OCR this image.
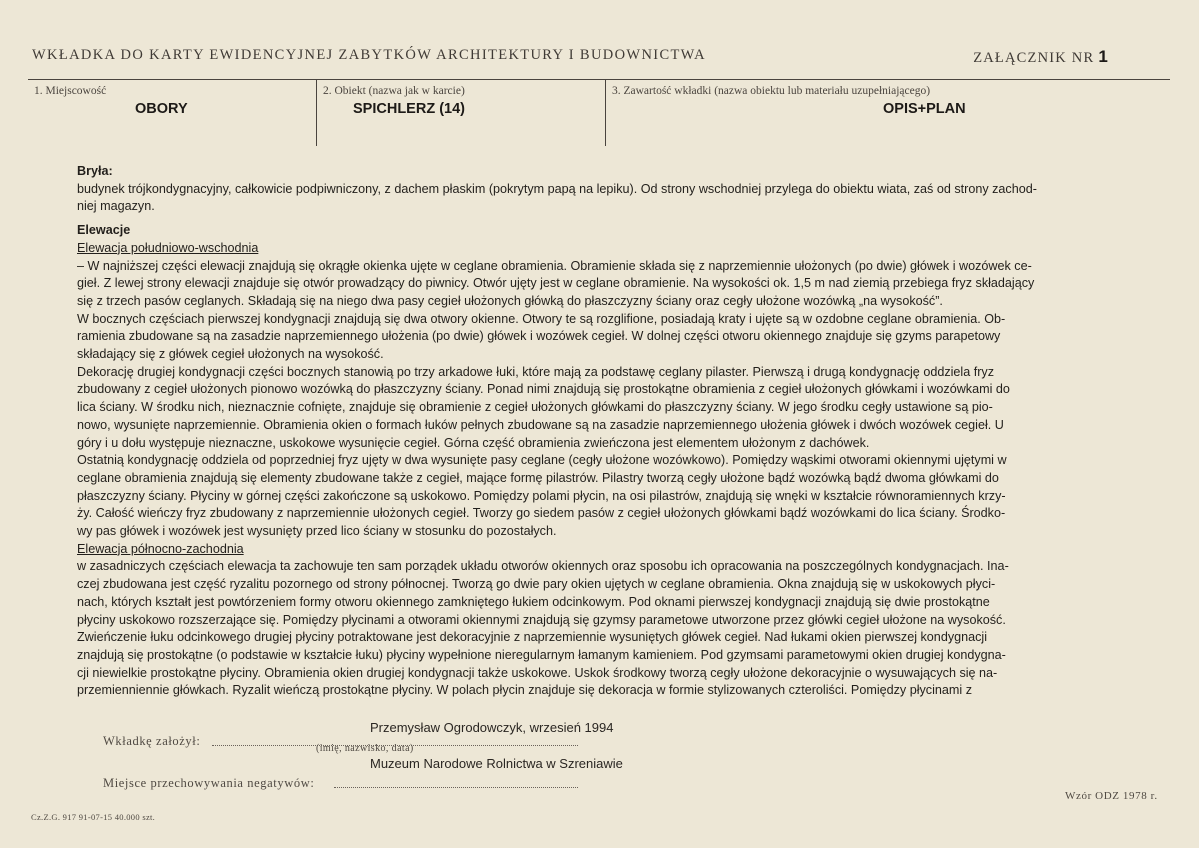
WKŁADKA DO KARTY EWIDENCYJNEJ ZABYTKÓW ARCHITEKTURY I BUDOWNICTWA	ZAŁĄCZNIK NR 1
1. Miejscowość
OBORY
2. Obiekt (nazwa jak w karcie)
SPICHLERZ (14)
3. Zawartość wkładki (nazwa obiektu lub materiału uzupełniającego)
OPIS+PLAN
Bryła:
budynek trójkondygnacyjny, całkowicie podpiwniczony, z dachem płaskim (pokrytym papą na lepiku). Od strony wschodniej przylega do obiektu wiata, zaś od strony zachod-
niej magazyn.
Elewacje
Elewacja południowo-wschodnia
– W najniższej części elewacji znajdują się okrągłe okienka ujęte w ceglane obramienia. Obramienie składa się z naprzemiennie ułożonych (po dwie) główek i wozówek ce-
gieł. Z lewej strony elewacji znajduje się otwór prowadzący do piwnicy. Otwór ujęty jest w ceglane obramienie. Na wysokości ok. 1,5 m nad ziemią przebiega fryz składający
się z trzech pasów ceglanych. Składają się na niego dwa pasy cegieł ułożonych główką do płaszczyzny ściany oraz cegły ułożone wozówką „na wysokość”.
W bocznych częściach pierwszej kondygnacji znajdują się dwa otwory okienne. Otwory te są rozglifione, posiadają kraty i ujęte są w ozdobne ceglane obramienia. Ob-
ramienia zbudowane są na zasadzie naprzemiennego ułożenia (po dwie) główek i wozówek cegieł. W dolnej części otworu okiennego znajduje się gzyms parapetowy
składający się z główek cegieł ułożonych na wysokość.
Dekorację drugiej kondygnacji części bocznych stanowią po trzy arkadowe łuki, które mają za podstawę ceglany pilaster. Pierwszą i drugą kondygnację oddziela fryz
zbudowany z cegieł ułożonych pionowo wozówką do płaszczyzny ściany. Ponad nimi znajdują się prostokątne obramienia z cegieł ułożonych główkami i wozówkami do
lica ściany. W środku nich, nieznacznie cofnięte, znajduje się obramienie z cegieł ułożonych główkami do płaszczyzny ściany. W jego środku cegły ustawione są pio-
nowo, wysunięte naprzemiennie. Obramienia okien o formach łuków pełnych zbudowane są na zasadzie naprzemiennego ułożenia główek i dwóch wozówek cegieł. U
góry i u dołu występuje nieznaczne, uskokowe wysunięcie cegieł. Górna część obramienia zwieńczona jest elementem ułożonym z dachówek.
Ostatnią kondygnację oddziela od poprzedniej fryz ujęty w dwa wysunięte pasy ceglane (cegły ułożone wozówkowo). Pomiędzy wąskimi otworami okiennymi ujętymi w
ceglane obramienia znajdują się elementy zbudowane także z cegieł, mające formę pilastrów. Pilastry tworzą cegły ułożone bądź wozówką bądź dwoma główkami do
płaszczyzny ściany. Płyciny w górnej części zakończone są uskokowo. Pomiędzy polami płycin, na osi pilastrów, znajdują się wnęki w kształcie równoramiennych krzy-
ży. Całość wieńczy fryz zbudowany z naprzemiennie ułożonych cegieł. Tworzy go siedem pasów z cegieł ułożonych główkami bądź wozówkami do lica ściany. Środko-
wy pas główek i wozówek jest wysunięty przed lico ściany w stosunku do pozostałych.
Elewacja północno-zachodnia
w zasadniczych częściach elewacja ta zachowuje ten sam porządek układu otworów okiennych oraz sposobu ich opracowania na poszczególnych kondygnacjach. Ina-
czej zbudowana jest część ryzalitu pozornego od strony północnej. Tworzą go dwie pary okien ujętych w ceglane obramienia. Okna znajdują się w uskokowych płyci-
nach, których kształt jest powtórzeniem formy otworu okiennego zamkniętego łukiem odcinkowym. Pod oknami pierwszej kondygnacji znajdują się dwie prostokątne
płyciny uskokowo rozszerzające się. Pomiędzy płycinami a otworami okiennymi znajdują się gzymsy parametowe utworzone przez główki cegieł ułożone na wysokość.
Zwieńczenie łuku odcinkowego drugiej płyciny potraktowane jest dekoracyjnie z naprzemiennie wysuniętych główek cegieł. Nad łukami okien pierwszej kondygnacji
znajdują się prostokątne (o podstawie w kształcie łuku) płyciny wypełnione nieregularnym łamanym kamieniem. Pod gzymsami parametowymi okien drugiej kondygna-
cji niewielkie prostokątne płyciny. Obramienia okien drugiej kondygnacji także uskokowe. Uskok środkowy tworzą cegły ułożone dekoracyjnie o wysuwających się na-
przemienniennie główkach. Ryzalit wieńczą prostokątne płyciny. W polach płycin znajduje się dekoracja w formie stylizowanych czteroliści. Pomiędzy płycinami z
Wkładkę założył:
Przemysław Ogrodowczyk, wrzesień 1994
(imię, nazwisko, data)
Muzeum Narodowe Rolnictwa w Szreniawie
Miejsce przechowywania negatywów:
Cz.Z.G. 917 91-07-15 40.000 szt.
Wzór ODZ 1978 r.
